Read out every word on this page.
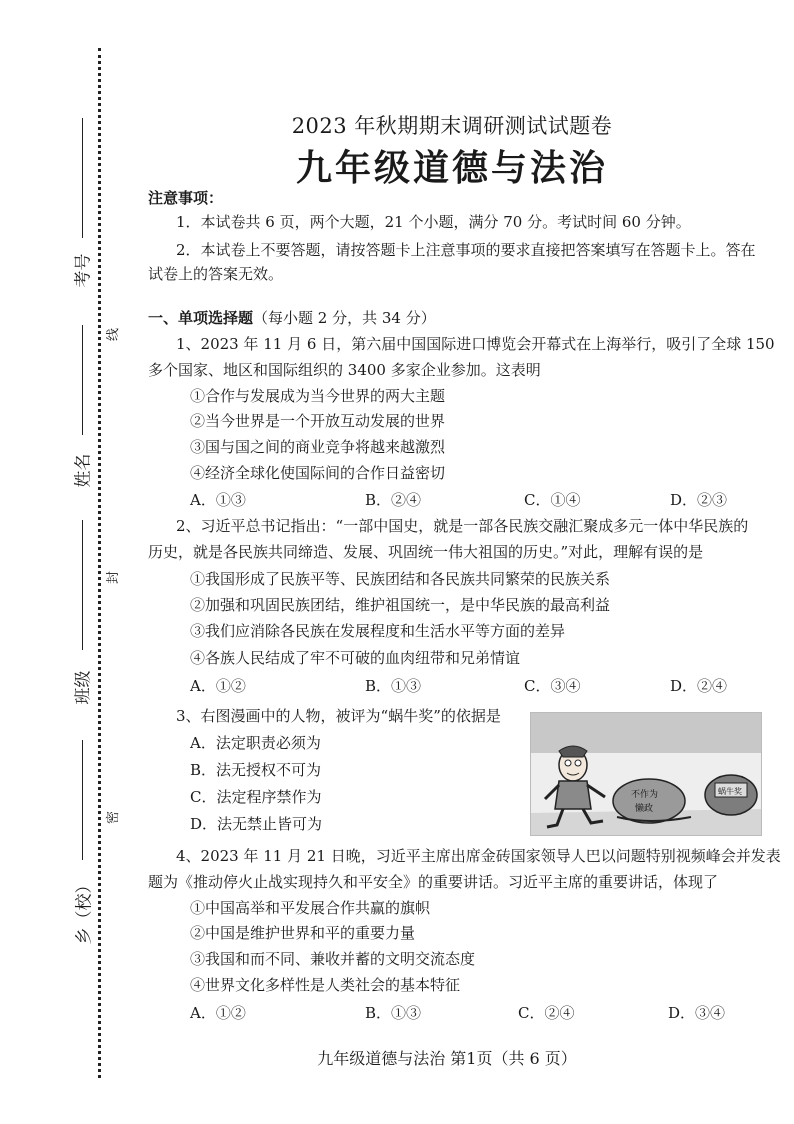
考号
姓名
班级
乡（校）
线
封
密
2023 年秋期期末调研测试试题卷
九年级道德与法治
注意事项：
1．本试卷共 6 页，两个大题，21 个小题，满分 70 分。考试时间 60 分钟。
2．本试卷上不要答题，请按答题卡上注意事项的要求直接把答案填写在答题卡上。答在
试卷上的答案无效。
一、单项选择题（每小题 2 分，共 34 分）
1、2023 年 11 月 6 日，第六届中国国际进口博览会开幕式在上海举行，吸引了全球 150
多个国家、地区和国际组织的 3400 多家企业参加。这表明
①合作与发展成为当今世界的两大主题
②当今世界是一个开放互动发展的世界
③国与国之间的商业竞争将越来越激烈
④经济全球化使国际间的合作日益密切
A．①③	B．②④	C．①④	D．②③
2、习近平总书记指出：“一部中国史，就是一部各民族交融汇聚成多元一体中华民族的
历史，就是各民族共同缔造、发展、巩固统一伟大祖国的历史。”对此，理解有误的是
①我国形成了民族平等、民族团结和各民族共同繁荣的民族关系
②加强和巩固民族团结，维护祖国统一，是中华民族的最高利益
③我们应消除各民族在发展程度和生活水平等方面的差异
④各族人民结成了牢不可破的血肉纽带和兄弟情谊
A．①②	B．①③	C．③④	D．②④
3、右图漫画中的人物，被评为“蜗牛奖”的依据是
A．法定职责必须为
B．法无授权不可为
C．法定程序禁作为
D．法无禁止皆可为
不作为
懒政
蜗牛奖
4、2023 年 11 月 21 日晚，习近平主席出席金砖国家领导人巴以问题特别视频峰会并发表
题为《推动停火止战实现持久和平安全》的重要讲话。习近平主席的重要讲话，体现了
①中国高举和平发展合作共赢的旗帜
②中国是维护世界和平的重要力量
③我国和而不同、兼收并蓄的文明交流态度
④世界文化多样性是人类社会的基本特征
A．①②	B．①③	C．②④	D．③④
九年级道德与法治 第1页（共 6 页）
